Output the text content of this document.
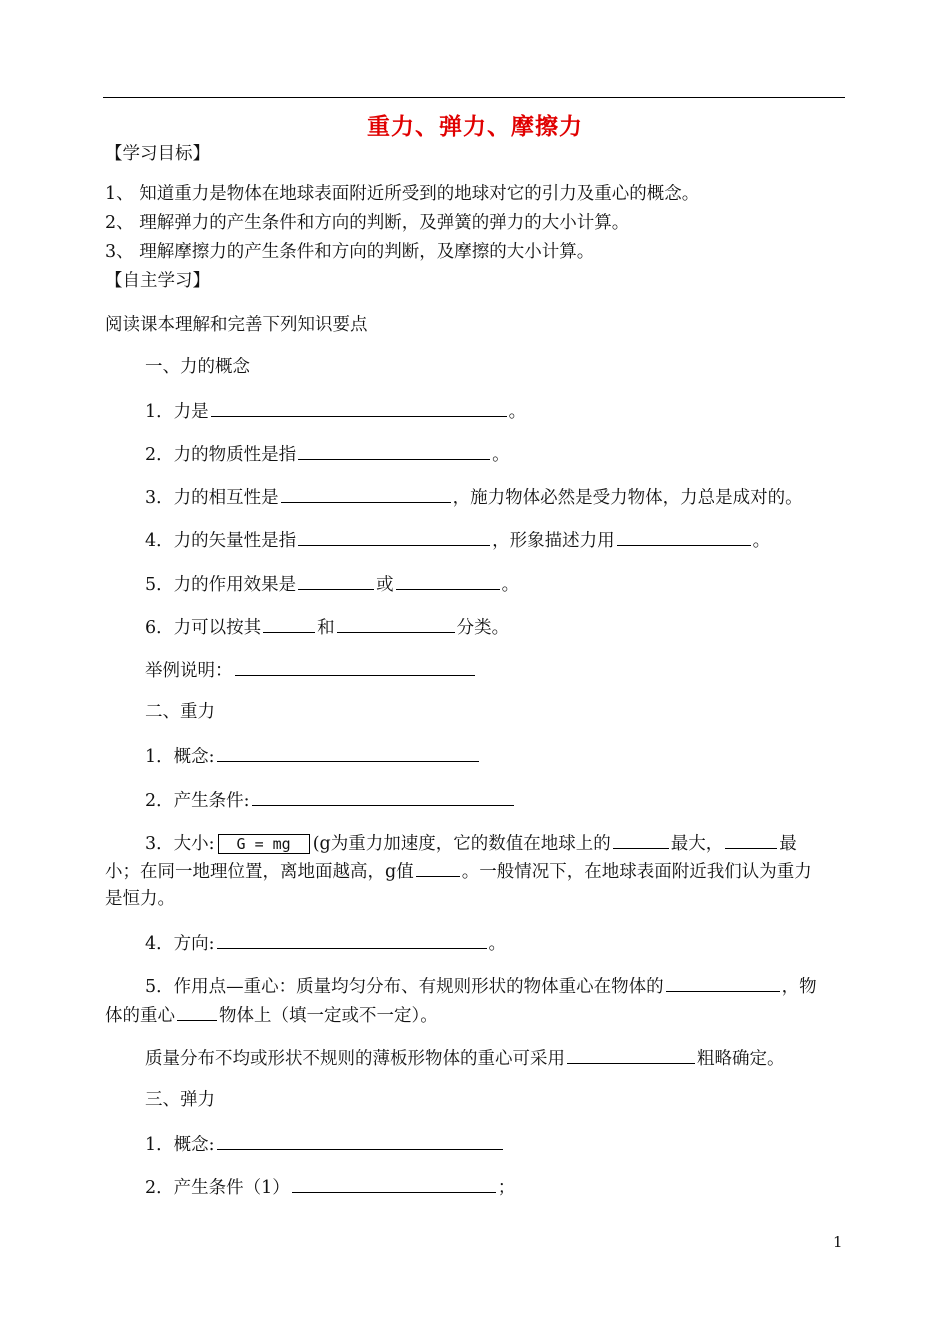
重力、弹力、摩擦力
【学习目标】
1、 知道重力是物体在地球表面附近所受到的地球对它的引力及重心的概念。
2、 理解弹力的产生条件和方向的判断，及弹簧的弹力的大小计算。
3、 理解摩擦力的产生条件和方向的判断，及摩擦的大小计算。
【自主学习】
阅读课本理解和完善下列知识要点
一、力的概念
1．力是	。
2．力的物质性是指	。
3．力的相互性是	，施力物体必然是受力物体，力总是成对的。
4．力的矢量性是指	，形象描述力用	。
5．力的作用效果是	或	。
6．力可以按其	和	分类。
举例说明：
二、重力
1．概念:
2．产生条件:
3．大小: G = mg (g为重力加速度，它的数值在地球上的	最大，	最
小；在同一地理位置，离地面越高，g值	。一般情况下，在地球表面附近我们认为重力
是恒力。
4．方向:	。
5．作用点—重心：质量均匀分布、有规则形状的物体重心在物体的	，物
体的重心	物体上（填一定或不一定）。
质量分布不均或形状不规则的薄板形物体的重心可采用	粗略确定。
三、弹力
1．概念:
2．产生条件（1）	；
1
